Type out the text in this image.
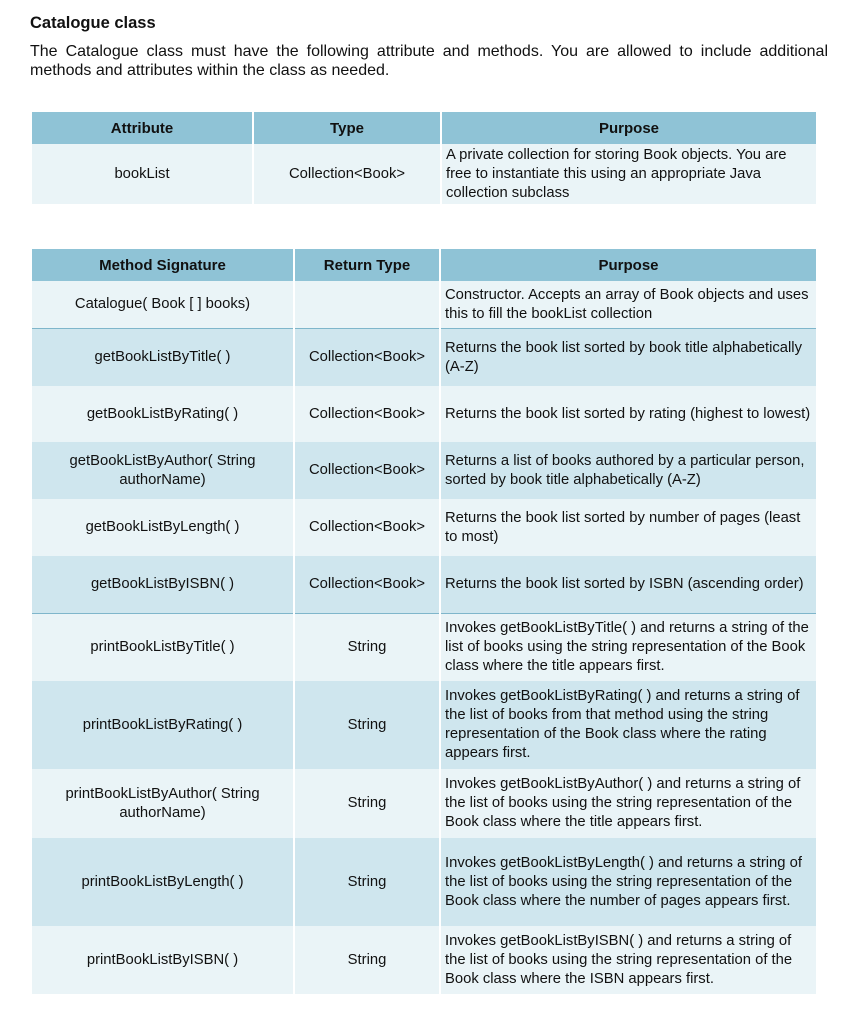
Catalogue class

The Catalogue class must have the following attribute and methods. You are allowed to include additional methods and attributes within the class as needed.

Attribute	Type	Purpose
bookList	Collection<Book>	A private collection for storing Book objects. You are free to instantiate this using an appropriate Java collection subclass
Method Signature	Return Type	Purpose
Catalogue( Book [ ] books)		Constructor. Accepts an array of Book objects and uses this to fill the bookList collection
getBookListByTitle( )	Collection<Book>	Returns the book list sorted by book title alphabetically (A-Z)
getBookListByRating( )	Collection<Book>	Returns the book list sorted by rating (highest to lowest)
getBookListByAuthor( String authorName)	Collection<Book>	Returns a list of books authored by a particular person, sorted by book title alphabetically (A-Z)
getBookListByLength( )	Collection<Book>	Returns the book list sorted by number of pages (least to most)
getBookListByISBN( )	Collection<Book>	Returns the book list sorted by ISBN (ascending order)
printBookListByTitle( )	String	Invokes getBookListByTitle( ) and returns a string of the list of books using the string representation of the Book class where the title appears first.
printBookListByRating( )	String	Invokes getBookListByRating( ) and returns a string of the list of books from that method using the string representation of the Book class where the rating appears first.
printBookListByAuthor( String authorName)	String	Invokes getBookListByAuthor( ) and returns a string of the list of books using the string representation of the Book class where the title appears first.
printBookListByLength( )	String	Invokes getBookListByLength( ) and returns a string of the list of books using the string representation of the Book class where the number of pages appears first.
printBookListByISBN( )	String	Invokes getBookListByISBN( ) and returns a string of the list of books using the string representation of the Book class where the ISBN appears first.
